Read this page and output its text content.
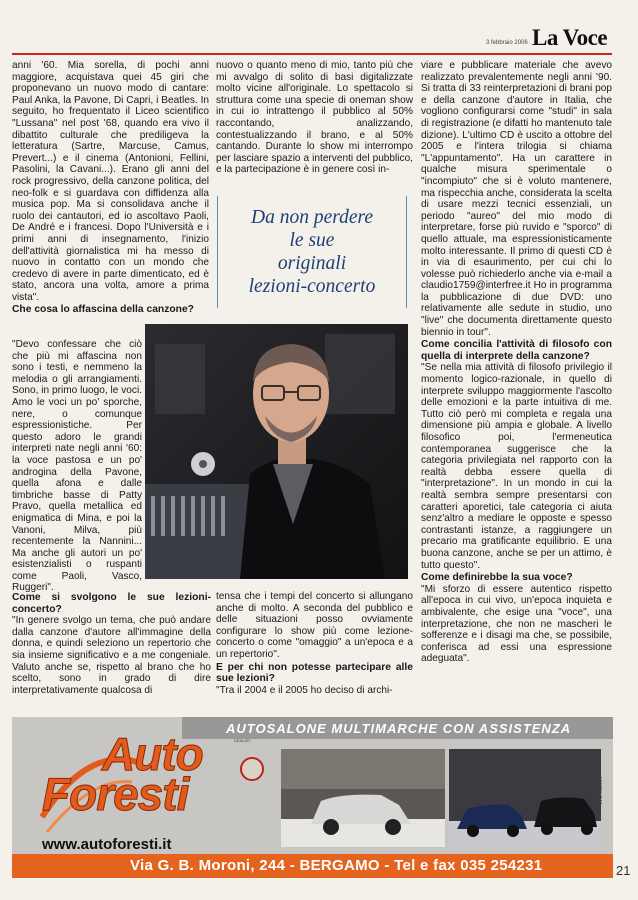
3 febbraio 2006 La Voce

anni '60. Mia sorella, di pochi anni maggiore, acquistava quei 45 giri che proponevano un nuovo modo di cantare: Paul Anka, la Pavone, Di Capri, i Beatles. In seguito, ho frequentato il Liceo scientifico "Lussana" nel post '68, quando era vivo il dibattito culturale che prediligeva la letteratura (Sartre, Marcuse, Camus, Prevert...) e il cinema (Antonioni, Fellini, Pasolini, la Cavani...). Erano gli anni del rock progressivo, della canzone politica, del neo-folk e si guardava con diffidenza alla musica pop. Ma si consolidava anche il ruolo dei cantautori, ed io ascoltavo Paoli, De André e i francesi. Dopo l'Università e i primi anni di insegnamento, l'inizio dell'attività giornalistica mi ha messo di nuovo in contatto con un mondo che credevo di avere in parte dimenticato, ed è stato, ancora una volta, amore a prima vista".

Che cosa lo affascina della canzone?

"Devo confessare che ciò che più mi affascina non sono i testi, e nemmeno la melodia o gli arrangiamenti. Sono, in primo luogo, le voci. Amo le voci un po' sporche, nere, o comunque espressionistiche. Per questo adoro le grandi interpreti nate negli anni '60: la voce pastosa e un po' androgina della Pavone, quella afona e dalle timbriche basse di Patty Pravo, quella metallica ed enigmatica di Mina, e poi la Vanoni, Milva, più recentemente la Nannini... Ma anche gli autori un po' esistenzialisti o ruspanti come Paoli, Vasco, Ruggeri".

Come si svolgono le sue lezioni-concerto?

"In genere svolgo un tema, che può andare dalla canzone d'autore all'immagine della donna, e quindi seleziono un repertorio che sia insieme significativo e a me congeniale. Valuto anche se, rispetto al brano che ho scelto, sono in grado di dire interpretativamente qualcosa di

nuovo o quanto meno di mio, tanto più che mi avvalgo di solito di basi digitalizzate molto vicine all'originale. Lo spettacolo si struttura come una specie di oneman show in cui io intrattengo il pubblico al 50% raccontando, analizzando, contestualizzando il brano, e al 50% cantando. Durante lo show mi interrompo per lasciare spazio a interventi del pubblico, e la partecipazione è in genere così in-

Da non perdere
le sue
originali
lezioni-concerto

tensa che i tempi del concerto si allungano anche di molto. A seconda del pubblico e delle situazioni posso ovviamente configurare lo show più come lezione-concerto o come "omaggio" a un'epoca e a un repertorio".

E per chi non potesse partecipare alle sue lezioni?

"Tra il 2004 e il 2005 ho deciso di archi-

viare e pubblicare materiale che avevo realizzato prevalentemente negli anni '90. Si tratta di 33 reinterpretazioni di brani pop e della canzone d'autore in Italia, che vogliono configurarsi come "studi" in sala di registrazione (e difatti ho mantenuto tale dizione). L'ultimo CD è uscito a ottobre del 2005 e l'intera trilogia si chiama "L'appuntamento". Ha un carattere in qualche misura sperimentale o "incompiuto" che si è voluto mantenere, ma rispecchia anche, considerata la scelta di usare mezzi tecnici essenziali, un periodo "aureo" del mio modo di interpretare, forse più ruvido e "sporco" di quello attuale, ma espressionisticamente molto interessante. Il primo di questi CD è in via di esaurimento, per cui chi lo volesse può richiederlo anche via e-mail a claudio1759@interfree.it Ho in programma la pubblicazione di due DVD: uno relativamente alle sedute in studio, uno "live" che documenta direttamente questo biennio in tour".

Come concilia l'attività di filosofo con quella di interprete della canzone?

"Se nella mia attività di filosofo privilegio il momento logico-razionale, in quello di interprete sviluppo maggiormente l'ascolto delle emozioni e la parte intuitiva di me. Tutto ciò però mi completa e regala una dimensione più ampia e globale. A livello filosofico poi, l'ermeneutica contemporanea suggerisce che la categoria privilegiata nel rapporto con la realtà debba essere quella di "interpretazione". In un mondo in cui la realtà sembra sempre presentarsi con caratteri aporetici, tale categoria ci aiuta senz'altro a mediare le opposte e spesso contrastanti istanze, a raggiungere un precario ma gratificante equilibrio. E una buona canzone, anche se per un attimo, è tutto questo".

Come definirebbe la sua voce?

"Mi sforzo di essere autentico rispetto all'epoca in cui vivo, un'epoca inquieta e ambivalente, che esige una "voce", una interpretazione, che non ne mascheri le sofferenze e i disagi ma che, se possibile, conferisca ad essi una espressione adeguata".

AUTOSALONE MULTIMARCHE CON ASSISTENZA
Auto
Foresti
DEALER
LVC 062006
www.autoforesti.it
Via G. B. Moroni, 244 - BERGAMO - Tel e fax 035 254231	21
